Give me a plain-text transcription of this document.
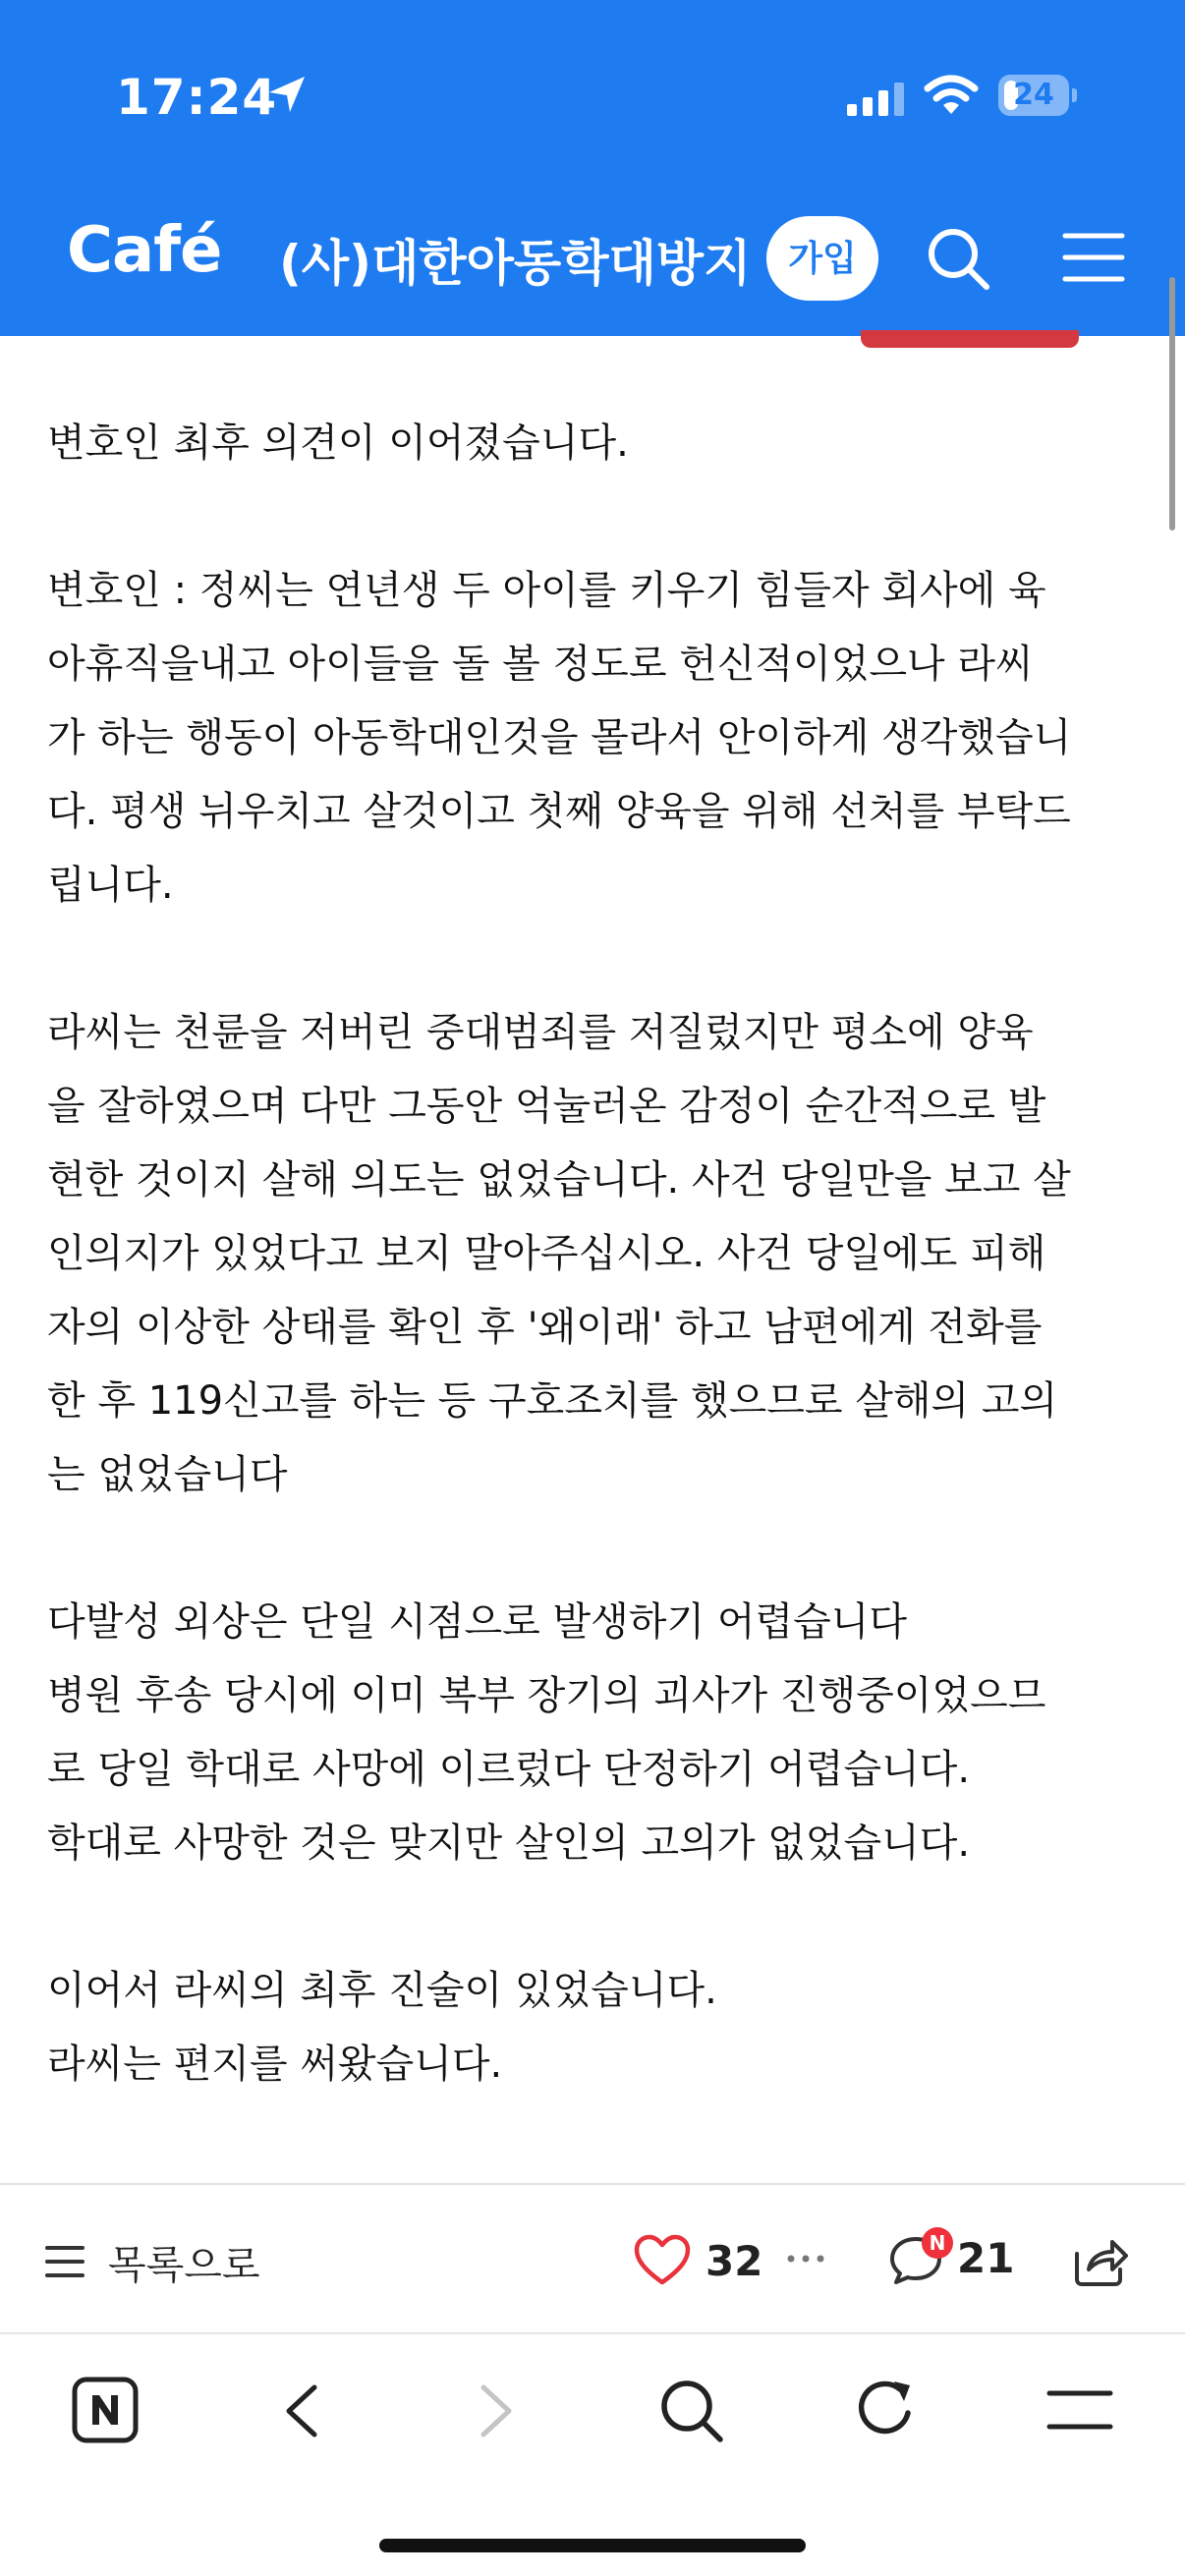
17:24	24
Café (사)대한아동학대방지	가입
변호인 최후 의견이 이어졌습니다.
변호인 : 정씨는 연년생 두 아이를 키우기 힘들자 회사에 육
아휴직을내고 아이들을 돌 볼 정도로 헌신적이었으나 라씨
가 하는 행동이 아동학대인것을 몰라서 안이하게 생각했습니
다. 평생 뉘우치고 살것이고 첫째 양육을 위해 선처를 부탁드
립니다.
라씨는 천륜을 저버린 중대범죄를 저질렀지만 평소에 양육
을 잘하였으며 다만 그동안 억눌러온 감정이 순간적으로 발
현한 것이지 살해 의도는 없었습니다. 사건 당일만을 보고 살
인의지가 있었다고 보지 말아주십시오. 사건 당일에도 피해
자의 이상한 상태를 확인 후 '왜이래' 하고 남편에게 전화를
한 후 119신고를 하는 등 구호조치를 했으므로 살해의 고의
는 없었습니다
다발성 외상은 단일 시점으로 발생하기 어렵습니다
병원 후송 당시에 이미 복부 장기의 괴사가 진행중이었으므
로 당일 학대로 사망에 이르렀다 단정하기 어렵습니다.
학대로 사망한 것은 맞지만 살인의 고의가 없었습니다.
이어서 라씨의 최후 진술이 있었습니다.
라씨는 편지를 써왔습니다.
목록으로	32	N 21
